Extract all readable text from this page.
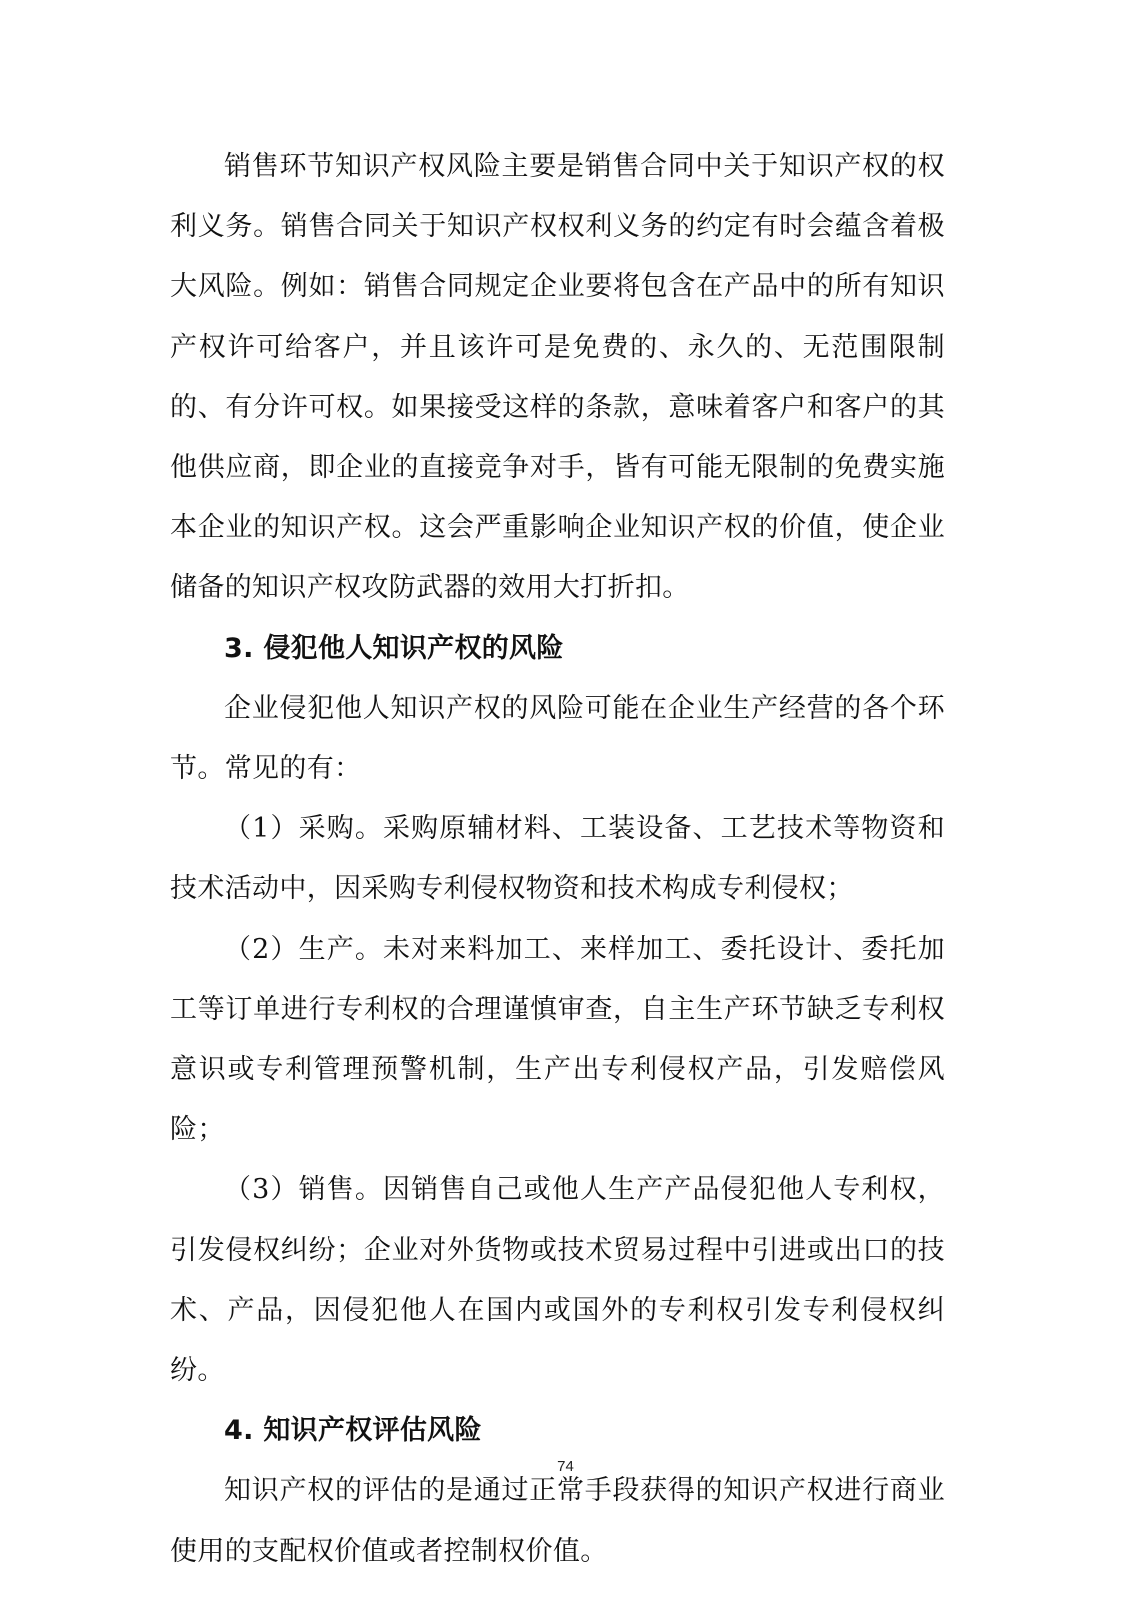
销售环节知识产权风险主要是销售合同中关于知识产权的权利义务。销售合同关于知识产权权利义务的约定有时会蕴含着极大风险。例如：销售合同规定企业要将包含在产品中的所有知识产权许可给客户，并且该许可是免费的、永久的、无范围限制的、有分许可权。如果接受这样的条款，意味着客户和客户的其他供应商，即企业的直接竞争对手，皆有可能无限制的免费实施本企业的知识产权。这会严重影响企业知识产权的价值，使企业储备的知识产权攻防武器的效用大打折扣。

3. 侵犯他人知识产权的风险

企业侵犯他人知识产权的风险可能在企业生产经营的各个环节。常见的有：

（1）采购。采购原辅材料、工装设备、工艺技术等物资和技术活动中，因采购专利侵权物资和技术构成专利侵权；

（2）生产。未对来料加工、来样加工、委托设计、委托加工等订单进行专利权的合理谨慎审查，自主生产环节缺乏专利权意识或专利管理预警机制，生产出专利侵权产品，引发赔偿风险；

（3）销售。因销售自己或他人生产产品侵犯他人专利权，引发侵权纠纷；企业对外货物或技术贸易过程中引进或出口的技术、产品，因侵犯他人在国内或国外的专利权引发专利侵权纠纷。

4. 知识产权评估风险

知识产权的评估的是通过正常手段获得的知识产权进行商业使用的支配权价值或者控制权价值。

74
